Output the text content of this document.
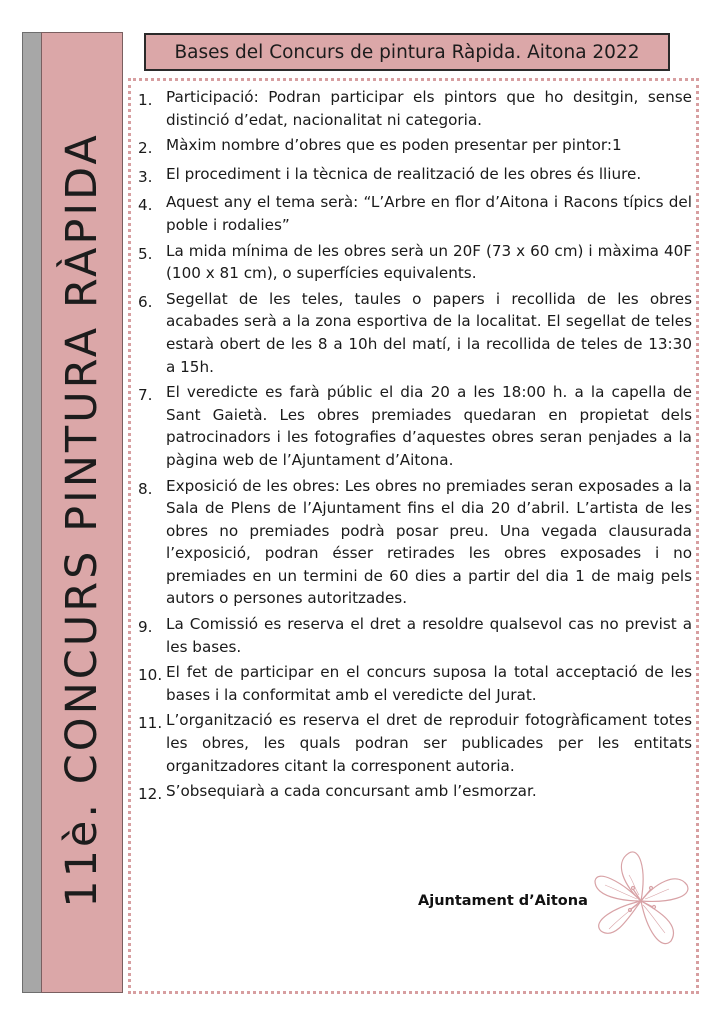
11è. CONCURS PINTURA RÀPIDA
Bases del Concurs de pintura Ràpida. Aitona 2022
1. Participació: Podran participar els pintors que ho desitgin, sense distinció d’edat, nacionalitat ni categoria.
2. Màxim nombre d’obres que es poden presentar per pintor:1
3. El procediment i la tècnica de realització de les obres és lliure.
4. Aquest any el tema serà: “L’Arbre en flor d’Aitona i Racons típics del poble i rodalies”
5. La mida mínima de les obres serà un 20F (73 x 60 cm) i màxima 40F (100 x 81 cm), o superfícies equivalents.
6. Segellat de les teles, taules o papers i recollida de les obres acabades serà a la zona esportiva de la localitat. El segellat de teles estarà obert de les 8 a 10h del matí, i la recollida de teles de 13:30 a 15h.
7. El veredicte es farà públic el dia 20 a les 18:00 h. a la capella de Sant Gaietà. Les obres premiades quedaran en propietat dels patrocinadors i les fotografies d’aquestes obres seran penjades a la pàgina web de l’Ajuntament d’Aitona.
8. Exposició de les obres: Les obres no premiades seran exposades a la Sala de Plens de l’Ajuntament fins el dia 20 d’abril. L’artista de les obres no premiades podrà posar preu. Una vegada clausurada l’exposició, podran ésser retirades les obres exposades i no premiades en un termini de 60 dies a partir del dia 1 de maig pels autors o persones autoritzades.
9. La Comissió es reserva el dret a resoldre qualsevol cas no previst a les bases.
10. El fet de participar en el concurs suposa la total acceptació de les bases i la conformitat amb el veredicte del Jurat.
11. L’organització es reserva el dret de reproduir fotogràficament totes les obres, les quals podran ser publicades per les entitats organitzadores citant la corresponent autoria.
12. S’obsequiarà a cada concursant amb l’esmorzar.
Ajuntament d’Aitona
